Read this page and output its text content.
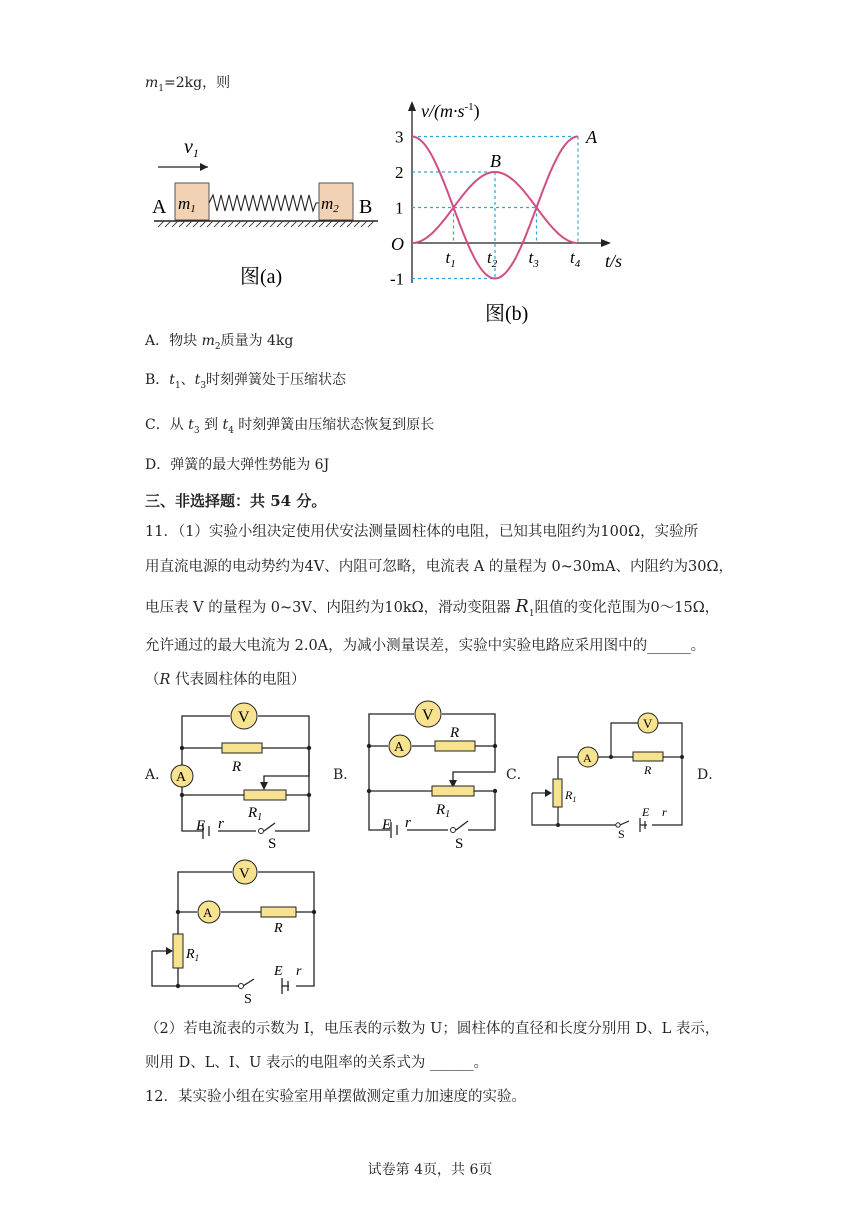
$m_1=2kg$，则
$v_1$
A m1	m2 B
图(a)
$v/(m\cdot s^{-1})$
t/s
O
3
2
1
-1
$t_1$ $t_2$ $t_3$ $t_4$
A
B
图(b)
A．物块 $m_2$质量为 4kg
B．$t_1$、$t_3$时刻弹簧处于压缩状态
C．从 $t_3$ 到 $t_4$ 时刻弹簧由压缩状态恢复到原长
D．弹簧的最大弹性势能为 6J
三、非选择题：共 54 分。
11．（1）实验小组决定使用伏安法测量圆柱体的电阻，已知其电阻约为100Ω，实验所
用直流电源的电动势约为4V、内阻可忽略，电流表 A 的量程为 0~30mA、内阻约为30Ω，
电压表 V 的量程为 0~3V、内阻约为10kΩ，滑动变阻器 $R_1$阻值的变化范围为0～15Ω，
允许通过的最大电流为 2.0A，为减小测量误差，实验中实验电路应采用图中的______。
（R 代表圆柱体的电阻）
A．	B．	C．	D．
V
A
R
$R_1$
E r
S
V
A
R
$R_1$
E r
S
V
A
R
$R_1$
E r
S
V
A
R
$R_1$
E r
S
（2）若电流表的示数为 I，电压表的示数为 U；圆柱体的直径和长度分别用 D、L 表示，
则用 D、L、I、U 表示的电阻率的关系式为 ______。
12．某实验小组在实验室用单摆做测定重力加速度的实验。
试卷第 4页，共 6页
